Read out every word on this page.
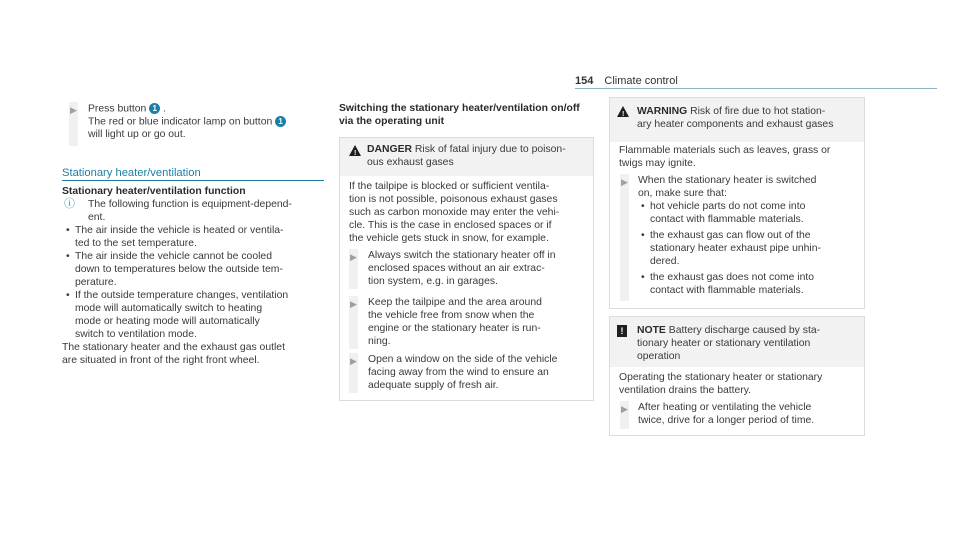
154 Climate control
▶ Press button 1 .
The red or blue indicator lamp on button 1
will light up or go out.
Stationary heater/ventilation
Stationary heater/ventilation function
ⓘ The following function is equipment-depend-
ent.
• The air inside the vehicle is heated or ventila-
ted to the set temperature.
• The air inside the vehicle cannot be cooled
down to temperatures below the outside tem-
perature.
• If the outside temperature changes, ventilation
mode will automatically switch to heating
mode or heating mode will automatically
switch to ventilation mode.
The stationary heater and the exhaust gas outlet
are situated in front of the right front wheel.
Switching the stationary heater/ventilation on/off
via the operating unit
! DANGER Risk of fatal injury due to poison-
ous exhaust gases
If the tailpipe is blocked or sufficient ventila-
tion is not possible, poisonous exhaust gases
such as carbon monoxide may enter the vehi-
cle. This is the case in enclosed spaces or if
the vehicle gets stuck in snow, for example.
▶ Always switch the stationary heater off in
enclosed spaces without an air extrac-
tion system, e.g. in garages.
▶ Keep the tailpipe and the area around
the vehicle free from snow when the
engine or the stationary heater is run-
ning.
▶ Open a window on the side of the vehicle
facing away from the wind to ensure an
adequate supply of fresh air.
! WARNING Risk of fire due to hot station-
ary heater components and exhaust gases
Flammable materials such as leaves, grass or
twigs may ignite.
▶ When the stationary heater is switched
on, make sure that:
• hot vehicle parts do not come into
contact with flammable materials.
• the exhaust gas can flow out of the
stationary heater exhaust pipe unhin-
dered.
• the exhaust gas does not come into
contact with flammable materials.
!	NOTE Battery discharge caused by sta-
tionary heater or stationary ventilation
operation
Operating the stationary heater or stationary
ventilation drains the battery.
▶ After heating or ventilating the vehicle
twice, drive for a longer period of time.
